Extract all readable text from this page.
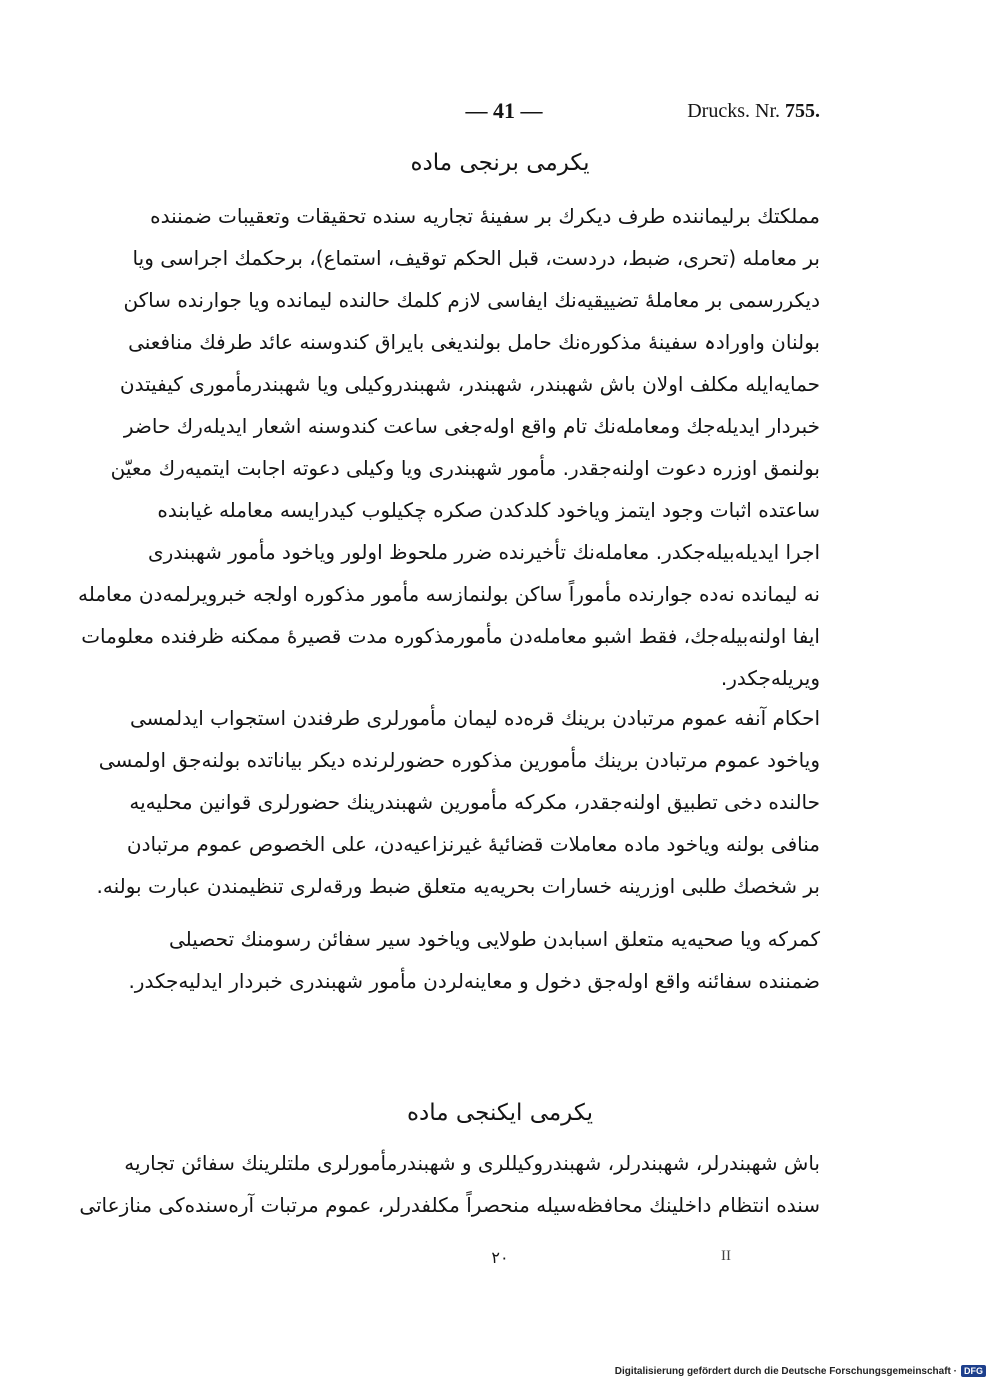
— 41 —	Drucks. Nr. 755.
یکرمی برنجی ماده
مملکتك برلیماننده طرف دیکرك بر سفینهٔ تجاریه سنده تحقیقات وتعقیبات ضمننده
بر معامله (تحری، ضبط، دردست، قبل الحکم توقیف، استماع)، برحکمك اجراسی ویا
دیکررسمی بر معاملهٔ تضییقیه‌نك ایفاسی لازم کلمك حالنده لیمانده ویا جوارنده ساکن
بولنان واورادہ سفینهٔ مذکوره‌نك حامل بولندیغی بایراق کندوسنه عائد طرفك منافعنی
حمایه‌ایله مکلف اولان باش شهبندر، شهبندر، شهبندروکیلی ویا شهبندرمأموری کیفیتدن
خبردار ایدیله‌جك ومعامله‌نك تام واقع اوله‌جغی ساعت کندوسنه اشعار ایدیله‌رك حاضر
بولنمق اوزره دعوت اولنه‌جقدر. مأمور شهبندری ویا وکیلی دعوته اجابت ایتمیه‌رك معیّن
ساعتده اثبات وجود ایتمز ویاخود کلدکدن صکره چکیلوب کیدرایسه معامله غیابنده
اجرا ایدیله‌بیله‌جکدر. معامله‌نك تأخیرنده ضرر ملحوظ اولور ویاخود مأمور شهبندری
نه لیمانده نه‌ده جوارنده مأموراً ساکن بولنمازسه مأمور مذکوره اولجه خبرویرلمه‌دن معامله
ایفا اولنه‌بیله‌جك، فقط اشبو معامله‌دن مأمورمذکوره مدت قصیرهٔ ممکنه ظرفنده معلومات
ویریله‌جکدر.
احکام آنفه عموم مرتبادن برینك قره‌ده لیمان مأمورلری طرفندن استجواب ایدلمسی
ویاخود عموم مرتبادن برینك مأمورین مذکوره حضورلرنده دیکر بیاناتده بولنه‌جق اولمسی
حالنده دخی تطبیق اولنه‌جقدر، مکرکه مأمورین شهبندرینك حضورلری قوانین محلیه‌یه
منافی بولنه ویاخود ماده معاملات قضائیهٔ غیرنزاعیه‌دن، علی الخصوص عموم مرتبادن
بر شخصك طلبی اوزرینه خسارات بحریه‌یه متعلق ضبط ورقه‌لری تنظیمندن عبارت بولنه.
کمرکه ویا صحیه‌یه متعلق اسبابدن طولایی ویاخود سیر سفائن رسومنك تحصیلی
ضمننده سفائنه واقع اوله‌جق دخول و معاینه‌لردن مأمور شهبندری خبردار ایدلیه‌جکدر.
یکرمی ایکنجی ماده
باش شهبندرلر، شهبندرلر، شهبندروکیللری و شهبندرمأمورلری ملتلرینك سفائن تجاریه‌
سنده انتظام داخلینك محافظه‌سیله منحصراً مکلفدرلر، عموم مرتبات آره‌سنده‌کی منازعاتی
۲۰	II
Digitalisierung gefördert durch die Deutsche Forschungsgemeinschaft · DFG
